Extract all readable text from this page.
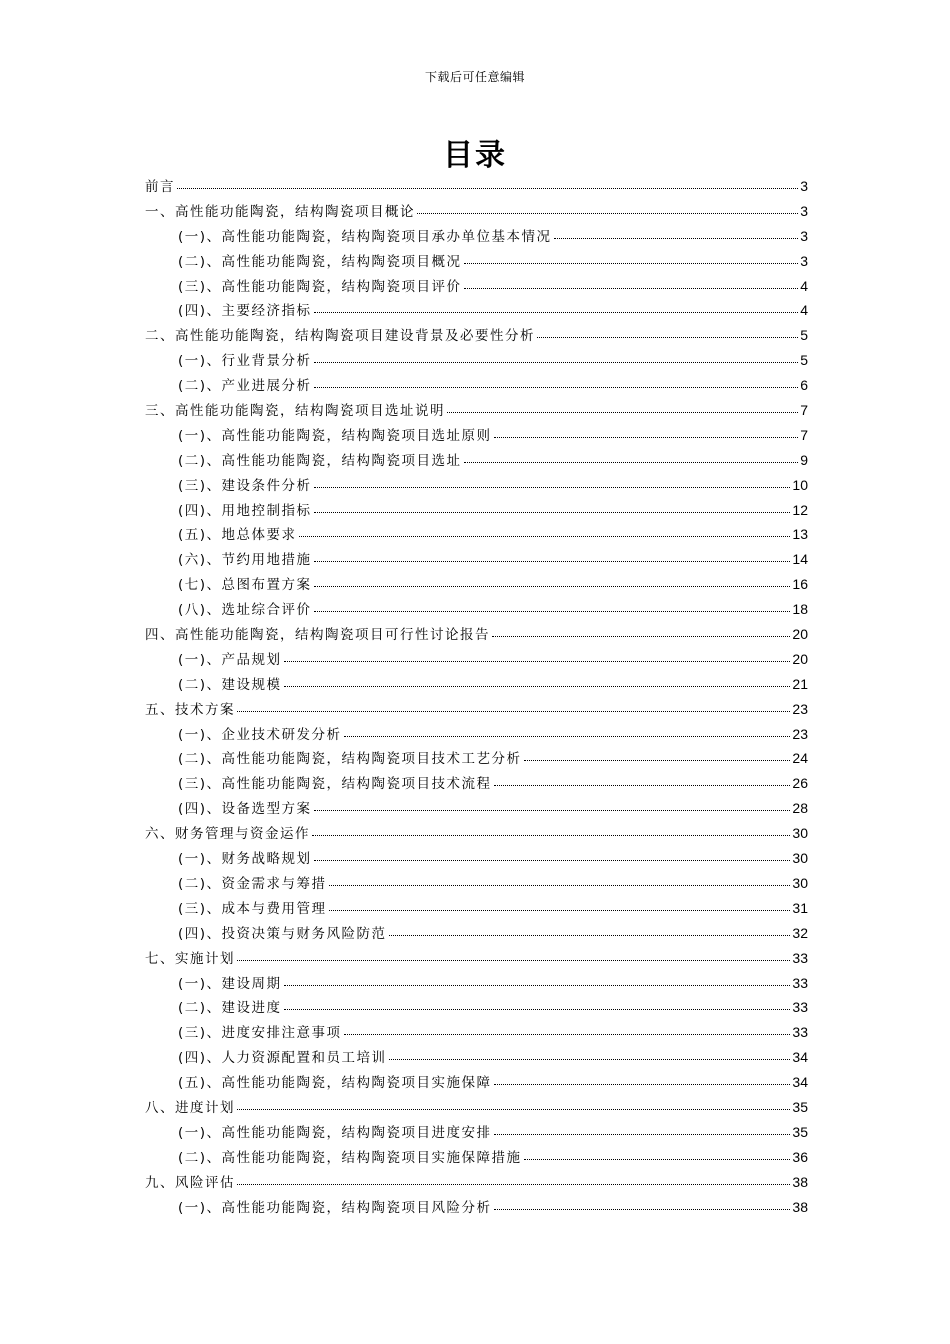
下载后可任意编辑
目录
前言	3
一、高性能功能陶瓷，结构陶瓷项目概论	3
(一)、高性能功能陶瓷，结构陶瓷项目承办单位基本情况	3
(二)、高性能功能陶瓷，结构陶瓷项目概况	3
(三)、高性能功能陶瓷，结构陶瓷项目评价	4
(四)、主要经济指标	4
二、高性能功能陶瓷，结构陶瓷项目建设背景及必要性分析	5
(一)、行业背景分析	5
(二)、产业进展分析	6
三、高性能功能陶瓷，结构陶瓷项目选址说明	7
(一)、高性能功能陶瓷，结构陶瓷项目选址原则	7
(二)、高性能功能陶瓷，结构陶瓷项目选址	9
(三)、建设条件分析	10
(四)、用地控制指标	12
(五)、地总体要求	13
(六)、节约用地措施	14
(七)、总图布置方案	16
(八)、选址综合评价	18
四、高性能功能陶瓷，结构陶瓷项目可行性讨论报告	20
(一)、产品规划	20
(二)、建设规模	21
五、技术方案	23
(一)、企业技术研发分析	23
(二)、高性能功能陶瓷，结构陶瓷项目技术工艺分析	24
(三)、高性能功能陶瓷，结构陶瓷项目技术流程	26
(四)、设备选型方案	28
六、财务管理与资金运作	30
(一)、财务战略规划	30
(二)、资金需求与筹措	30
(三)、成本与费用管理	31
(四)、投资决策与财务风险防范	32
七、实施计划	33
(一)、建设周期	33
(二)、建设进度	33
(三)、进度安排注意事项	33
(四)、人力资源配置和员工培训	34
(五)、高性能功能陶瓷，结构陶瓷项目实施保障	34
八、进度计划	35
(一)、高性能功能陶瓷，结构陶瓷项目进度安排	35
(二)、高性能功能陶瓷，结构陶瓷项目实施保障措施	36
九、风险评估	38
(一)、高性能功能陶瓷，结构陶瓷项目风险分析	38
